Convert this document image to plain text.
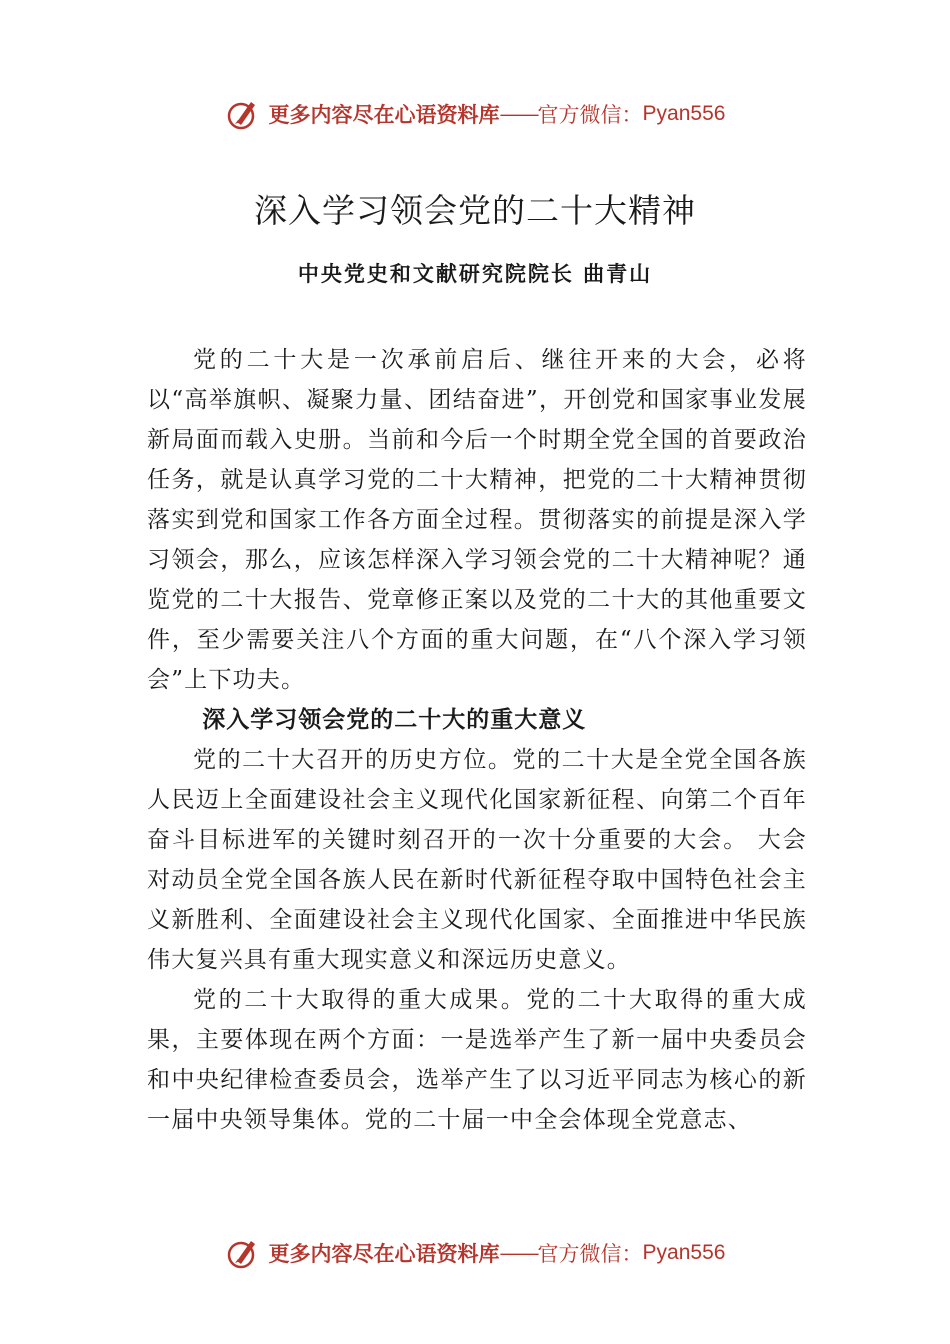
更多内容尽在心语资料库 —— 官方微信： Pyan556
深入学习领会党的二十大精神

中央党史和文献研究院院长 曲青山

党的二十大是一次承前启后、继往开来的大会，必将以“高举旗帜、凝聚力量、团结奋进”，开创党和国家事业发展新局面而载入史册。当前和今后一个时期全党全国的首要政治任务，就是认真学习党的二十大精神，把党的二十大精神贯彻落实到党和国家工作各方面全过程。贯彻落实的前提是深入学习领会，那么，应该怎样深入学习领会党的二十大精神呢？通览党的二十大报告、党章修正案以及党的二十大的其他重要文件，至少需要关注八个方面的重大问题，在“八个深入学习领会”上下功夫。

深入学习领会党的二十大的重大意义

党的二十大召开的历史方位。党的二十大是全党全国各族人民迈上全面建设社会主义现代化国家新征程、向第二个百年奋斗目标进军的关键时刻召开的一次十分重要的大会。 大会对动员全党全国各族人民在新时代新征程夺取中国特色社会主义新胜利、全面建设社会主义现代化国家、全面推进中华民族伟大复兴具有重大现实意义和深远历史意义。

党的二十大取得的重大成果。党的二十大取得的重大成果，主要体现在两个方面：一是选举产生了新一届中央委员会和中央纪律检查委员会，选举产生了以习近平同志为核心的新一届中央领导集体。党的二十届一中全会体现全党意志、

更多内容尽在心语资料库 —— 官方微信： Pyan556
